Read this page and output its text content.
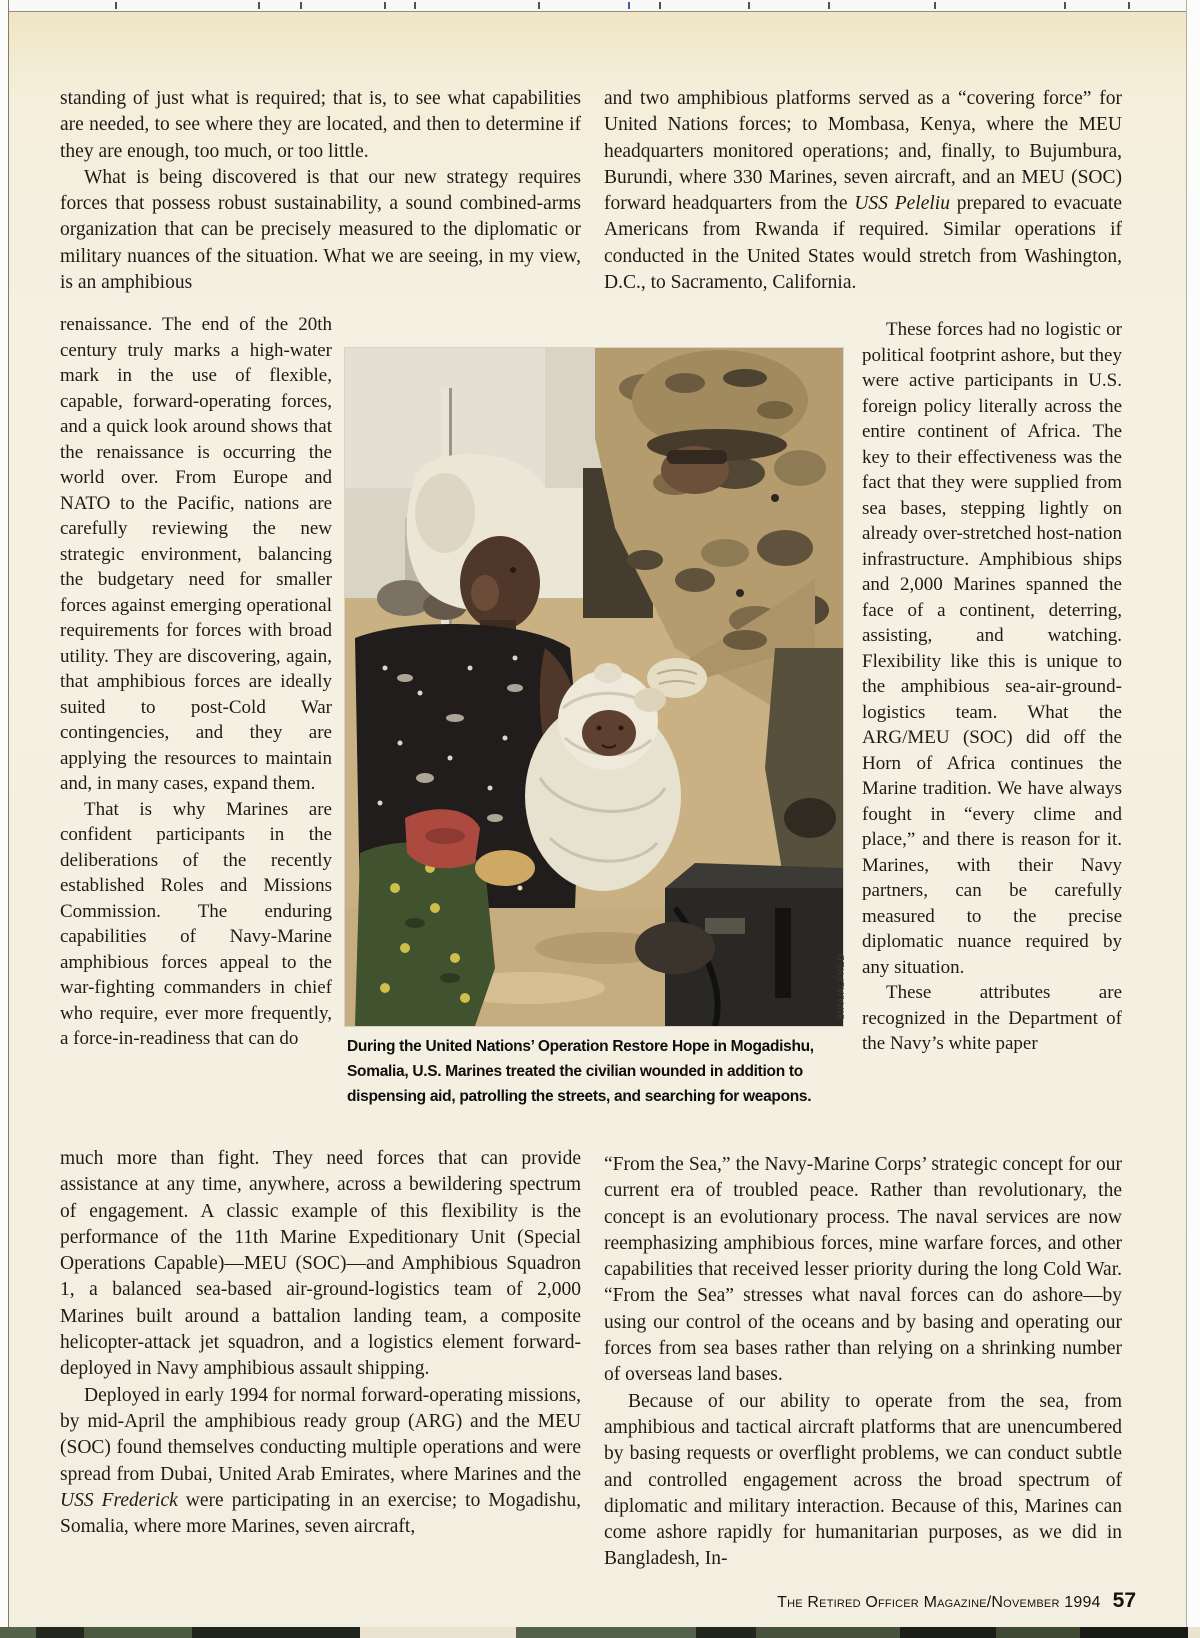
standing of just what is required; that is, to see what capabilities are needed, to see where they are located, and then to determine if they are enough, too much, or too little.

What is being discovered is that our new strategy requires forces that possess robust sustainability, a sound combined-arms organization that can be precisely measured to the diplomatic or military nuances of the situation. What we are seeing, in my view, is an amphibious

renaissance. The end of the 20th century truly marks a high-water mark in the use of flexible, capable, forward-operating forces, and a quick look around shows that the renaissance is occurring the world over. From Europe and NATO to the Pacific, nations are carefully reviewing the new strategic environment, balancing the budgetary need for smaller forces against emerging operational requirements for forces with broad utility. They are discovering, again, that amphibious forces are ideally suited to post-Cold War contingencies, and they are applying the resources to maintain and, in many cases, expand them.

That is why Marines are confident participants in the deliberations of the recently established Roles and Missions Commission. The enduring capabilities of Navy-Marine amphibious forces appeal to the war-fighting commanders in chief who require, ever more frequently, a force-in-readiness that can do

much more than fight. They need forces that can provide assistance at any time, anywhere, across a bewildering spectrum of engagement. A classic example of this flexibility is the performance of the 11th Marine Expeditionary Unit (Special Operations Capable)—MEU (SOC)—and Amphibious Squadron 1, a balanced sea-based air-ground-logistics team of 2,000 Marines built around a battalion landing team, a composite helicopter-attack jet squadron, and a logistics element forward-deployed in Navy amphibious assault shipping.

Deployed in early 1994 for normal forward-operating missions, by mid-April the amphibious ready group (ARG) and the MEU (SOC) found themselves conducting multiple operations and were spread from Dubai, United Arab Emirates, where Marines and the USS Frederick were participating in an exercise; to Mogadishu, Somalia, where more Marines, seven aircraft,

and two amphibious platforms served as a “covering force” for United Nations forces; to Mombasa, Kenya, where the MEU headquarters monitored operations; and, finally, to Bujumbura, Burundi, where 330 Marines, seven aircraft, and an MEU (SOC) forward headquarters from the USS Peleliu prepared to evacuate Americans from Rwanda if required. Similar operations if conducted in the United States would stretch from Washington, D.C., to Sacramento, California.

These forces had no logistic or political footprint ashore, but they were active participants in U.S. foreign policy literally across the entire continent of Africa. The key to their effectiveness was the fact that they were supplied from sea bases, stepping lightly on already over-stretched host-nation infrastructure. Amphibious ships and 2,000 Marines spanned the face of a continent, deterring, assisting, and watching. Flexibility like this is unique to the amphibious sea-air-ground-logistics team. What the ARG/MEU (SOC) did off the Horn of Africa continues the Marine tradition. We have always fought in “every clime and place,” and there is reason for it. Marines, with their Navy partners, can be carefully measured to the precise diplomatic nuance required by any situation.

These attributes are recognized in the Department of the Navy’s white paper

“From the Sea,” the Navy-Marine Corps’ strategic concept for our current era of troubled peace. Rather than revolutionary, the concept is an evolutionary process. The naval services are now reemphasizing amphibious forces, mine warfare forces, and other capabilities that received lesser priority during the long Cold War. “From the Sea” stresses what naval forces can do ashore—by using our control of the oceans and by basing and operating our forces from sea bases rather than relying on a shrinking number of overseas land bases.

Because of our ability to operate from the sea, from amphibious and tactical aircraft platforms that are unencumbered by basing requests or overflight problems, we can conduct subtle and controlled engagement across the broad spectrum of diplomatic and military interaction. Because of this, Marines can come ashore rapidly for humanitarian purposes, as we did in Bangladesh, In-

SIPA/ALFRED
During the United Nations’ Operation Restore Hope in Mogadishu, Somalia, U.S. Marines treated the civilian wounded in addition to dispensing aid, patrolling the streets, and searching for weapons.
The Retired Officer Magazine/November 1994 57
